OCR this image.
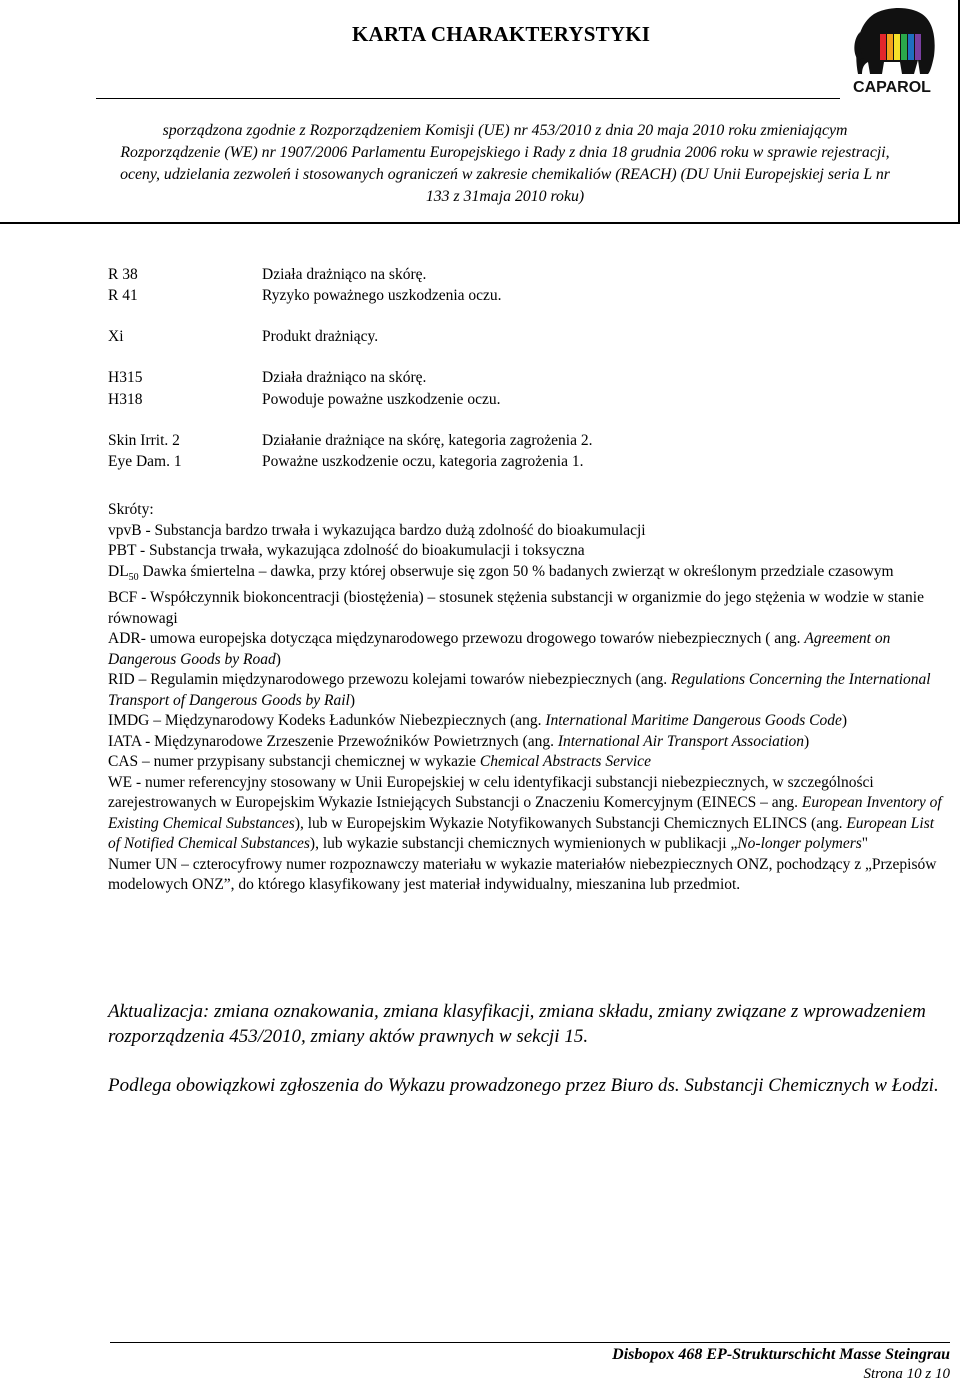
KARTA CHARAKTERYSTYKI
CAPAROL
sporządzona zgodnie z Rozporządzeniem Komisji (UE) nr 453/2010 z dnia 20 maja 2010 roku zmieniającym
Rozporządzenie (WE) nr 1907/2006 Parlamentu Europejskiego i Rady z dnia 18 grudnia 2006 roku w sprawie rejestracji,
oceny, udzielania zezwoleń i stosowanych ograniczeń w zakresie chemikaliów (REACH) (DU Unii Europejskiej seria L nr
133 z 31maja 2010 roku)
R 38	Działa drażniąco na skórę.
R 41	Ryzyko poważnego uszkodzenia oczu.
Xi	Produkt drażniący.
H315	Działa drażniąco na skórę.
H318	Powoduje poważne uszkodzenie oczu.
Skin Irrit. 2	Działanie drażniące na skórę, kategoria zagrożenia 2.
Eye Dam. 1	Poważne uszkodzenie oczu, kategoria zagrożenia 1.

Skróty:

vpvB - Substancja bardzo trwała i wykazująca bardzo dużą zdolność do bioakumulacji

PBT - Substancja trwała, wykazująca zdolność do bioakumulacji i toksyczna

$DL_{50}$ Dawka śmiertelna – dawka, przy której obserwuje się zgon 50 % badanych zwierząt w określonym przedziale czasowym

BCF - Współczynnik biokoncentracji (biostężenia) – stosunek stężenia substancji w organizmie do jego stężenia w wodzie w stanie równowagi

ADR- umowa europejska dotycząca międzynarodowego przewozu drogowego towarów niebezpiecznych ( ang. Agreement on Dangerous Goods by Road)

RID – Regulamin międzynarodowego przewozu kolejami towarów niebezpiecznych (ang. Regulations Concerning the International Transport of Dangerous Goods by Rail)

IMDG – Międzynarodowy Kodeks Ładunków Niebezpiecznych (ang. International Maritime Dangerous Goods Code)

IATA - Międzynarodowe Zrzeszenie Przewoźników Powietrznych (ang. International Air Transport Association)

CAS – numer przypisany substancji chemicznej w wykazie Chemical Abstracts Service

WE - numer referencyjny stosowany w Unii Europejskiej w celu identyfikacji substancji niebezpiecznych, w szczególności zarejestrowanych w Europejskim Wykazie Istniejących Substancji o Znaczeniu Komercyjnym (EINECS – ang. European Inventory of Existing Chemical Substances), lub w Europejskim Wykazie Notyfikowanych Substancji Chemicznych ELINCS (ang. European List of Notified Chemical Substances), lub wykazie substancji chemicznych wymienionych w publikacji „No-longer polymers"

Numer UN – czterocyfrowy numer rozpoznawczy materiału w wykazie materiałów niebezpiecznych ONZ, pochodzący z „Przepisów modelowych ONZ”, do którego klasyfikowany jest materiał indywidualny, mieszanina lub przedmiot.

Aktualizacja: zmiana oznakowania, zmiana klasyfikacji, zmiana składu, zmiany związane z wprowadzeniem rozporządzenia 453/2010, zmiany aktów prawnych w sekcji 15.
Podlega obowiązkowi zgłoszenia do Wykazu prowadzonego przez Biuro ds. Substancji Chemicznych w Łodzi.
Disbopox 468 EP-Strukturschicht Masse Steingrau
Strona 10 z 10
